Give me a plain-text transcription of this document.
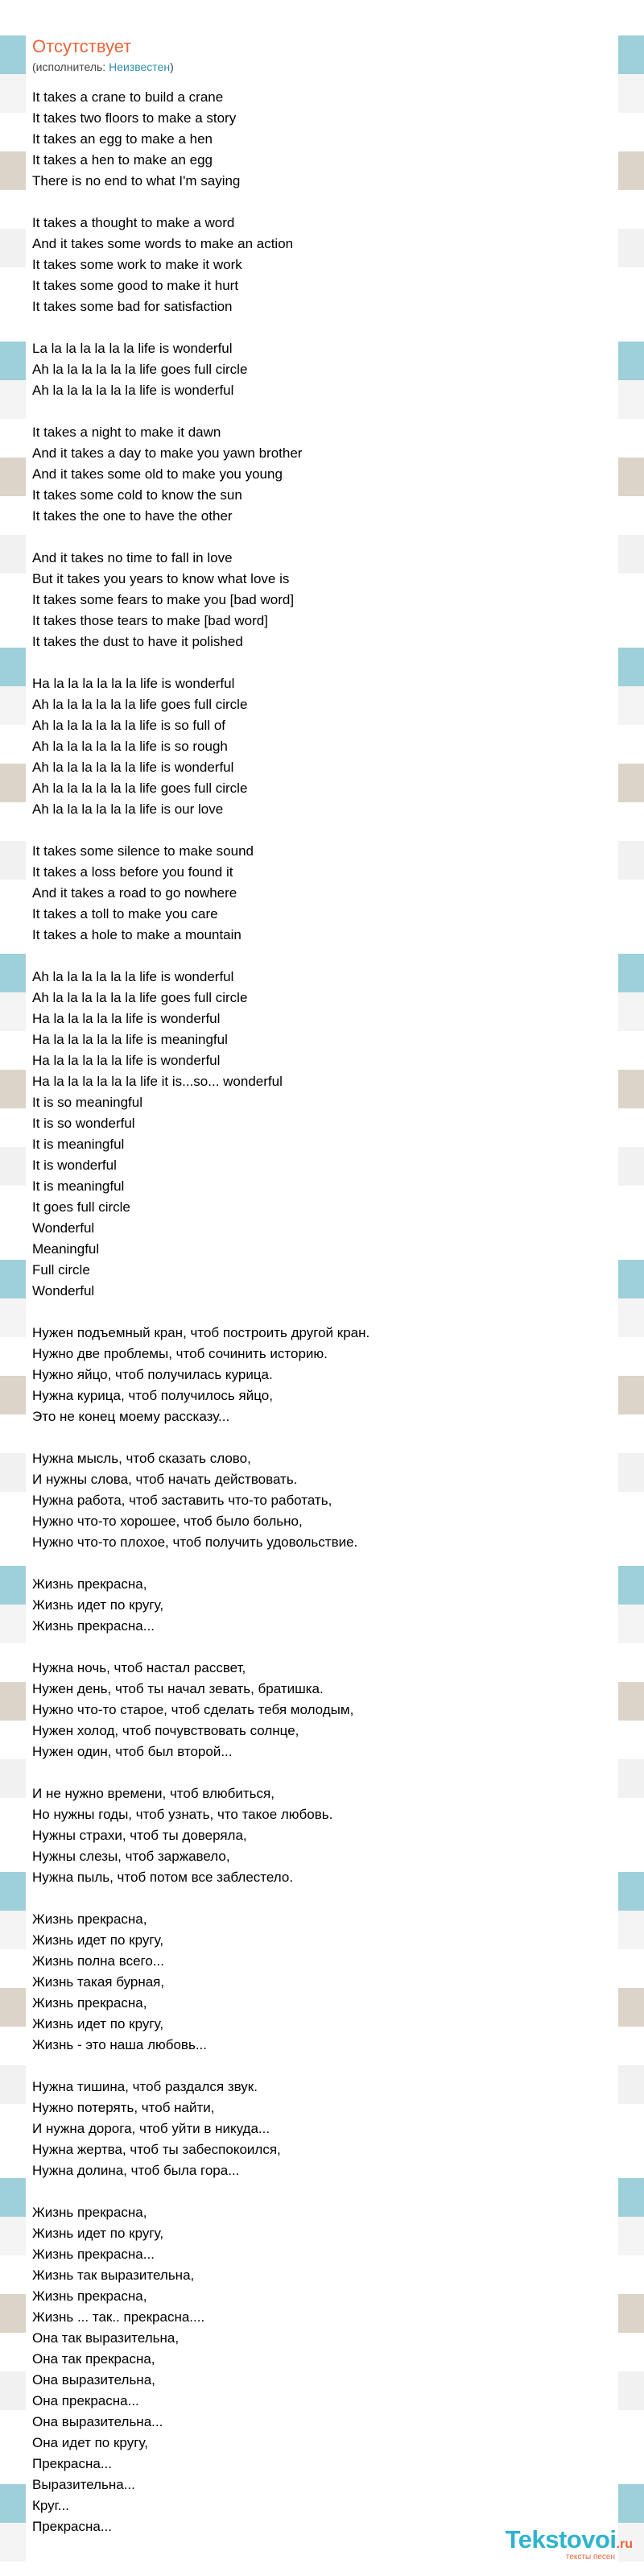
Отсутствует
(исполнитель: Неизвестен)
It takes a crane to build a crane
It takes two floors to make a story
It takes an egg to make a hen
It takes a hen to make an egg
There is no end to what I'm saying
It takes a thought to make a word
And it takes some words to make an action
It takes some work to make it work
It takes some good to make it hurt
It takes some bad for satisfaction
La la la la la la la life is wonderful
Ah la la la la la la life goes full circle
Ah la la la la la la life is wonderful
It takes a night to make it dawn
And it takes a day to make you yawn brother
And it takes some old to make you young
It takes some cold to know the sun
It takes the one to have the other
And it takes no time to fall in love
But it takes you years to know what love is
It takes some fears to make you [bad word]
It takes those tears to make [bad word]
It takes the dust to have it polished
Ha la la la la la la life is wonderful
Ah la la la la la la life goes full circle
Ah la la la la la la life is so full of
Ah la la la la la la life is so rough
Ah la la la la la la life is wonderful
Ah la la la la la la life goes full circle
Ah la la la la la la life is our love
It takes some silence to make sound
It takes a loss before you found it
And it takes a road to go nowhere
It takes a toll to make you care
It takes a hole to make a mountain
Ah la la la la la la life is wonderful
Ah la la la la la la life goes full circle
Ha la la la la la life is wonderful
Ha la la la la la life is meaningful
Ha la la la la la life is wonderful
Ha la la la la la la life it is...so... wonderful
It is so meaningful
It is so wonderful
It is meaningful
It is wonderful
It is meaningful
It goes full circle
Wonderful
Meaningful
Full circle
Wonderful
Нужен подъемный кран, чтоб построить другой кран.
Нужно две проблемы, чтоб сочинить историю.
Нужно яйцо, чтоб получилась курица.
Нужна курица, чтоб получилось яйцо,
Это не конец моему рассказу...
Нужна мысль, чтоб сказать слово,
И нужны слова, чтоб начать действовать.
Нужна работа, чтоб заставить что-то работать,
Нужно что-то хорошее, чтоб было больно,
Нужно что-то плохое, чтоб получить удовольствие.
Жизнь прекрасна,
Жизнь идет по кругу,
Жизнь прекрасна...
Нужна ночь, чтоб настал рассвет,
Нужен день, чтоб ты начал зевать, братишка.
Нужно что-то старое, чтоб сделать тебя молодым,
Нужен холод, чтоб почувствовать солнце,
Нужен один, чтоб был второй...
И не нужно времени, чтоб влюбиться,
Но нужны годы, чтоб узнать, что такое любовь.
Нужны страхи, чтоб ты доверяла,
Нужны слезы, чтоб заржавело,
Нужна пыль, чтоб потом все заблестело.
Жизнь прекрасна,
Жизнь идет по кругу,
Жизнь полна всего...
Жизнь такая бурная,
Жизнь прекрасна,
Жизнь идет по кругу,
Жизнь - это наша любовь...
Нужна тишина, чтоб раздался звук.
Нужно потерять, чтоб найти,
И нужна дорога, чтоб уйти в никуда...
Нужна жертва, чтоб ты забеспокоился,
Нужна долина, чтоб была гора...
Жизнь прекрасна,
Жизнь идет по кругу,
Жизнь прекрасна...
Жизнь так выразительна,
Жизнь прекрасна,
Жизнь ... так.. прекрасна....
Она так выразительна,
Она так прекрасна,
Она выразительна,
Она прекрасна...
Она выразительна...
Она идет по кругу,
Прекрасна...
Выразительна...
Круг...
Прекрасна...	Tekstovoi.ru
тексты песен
